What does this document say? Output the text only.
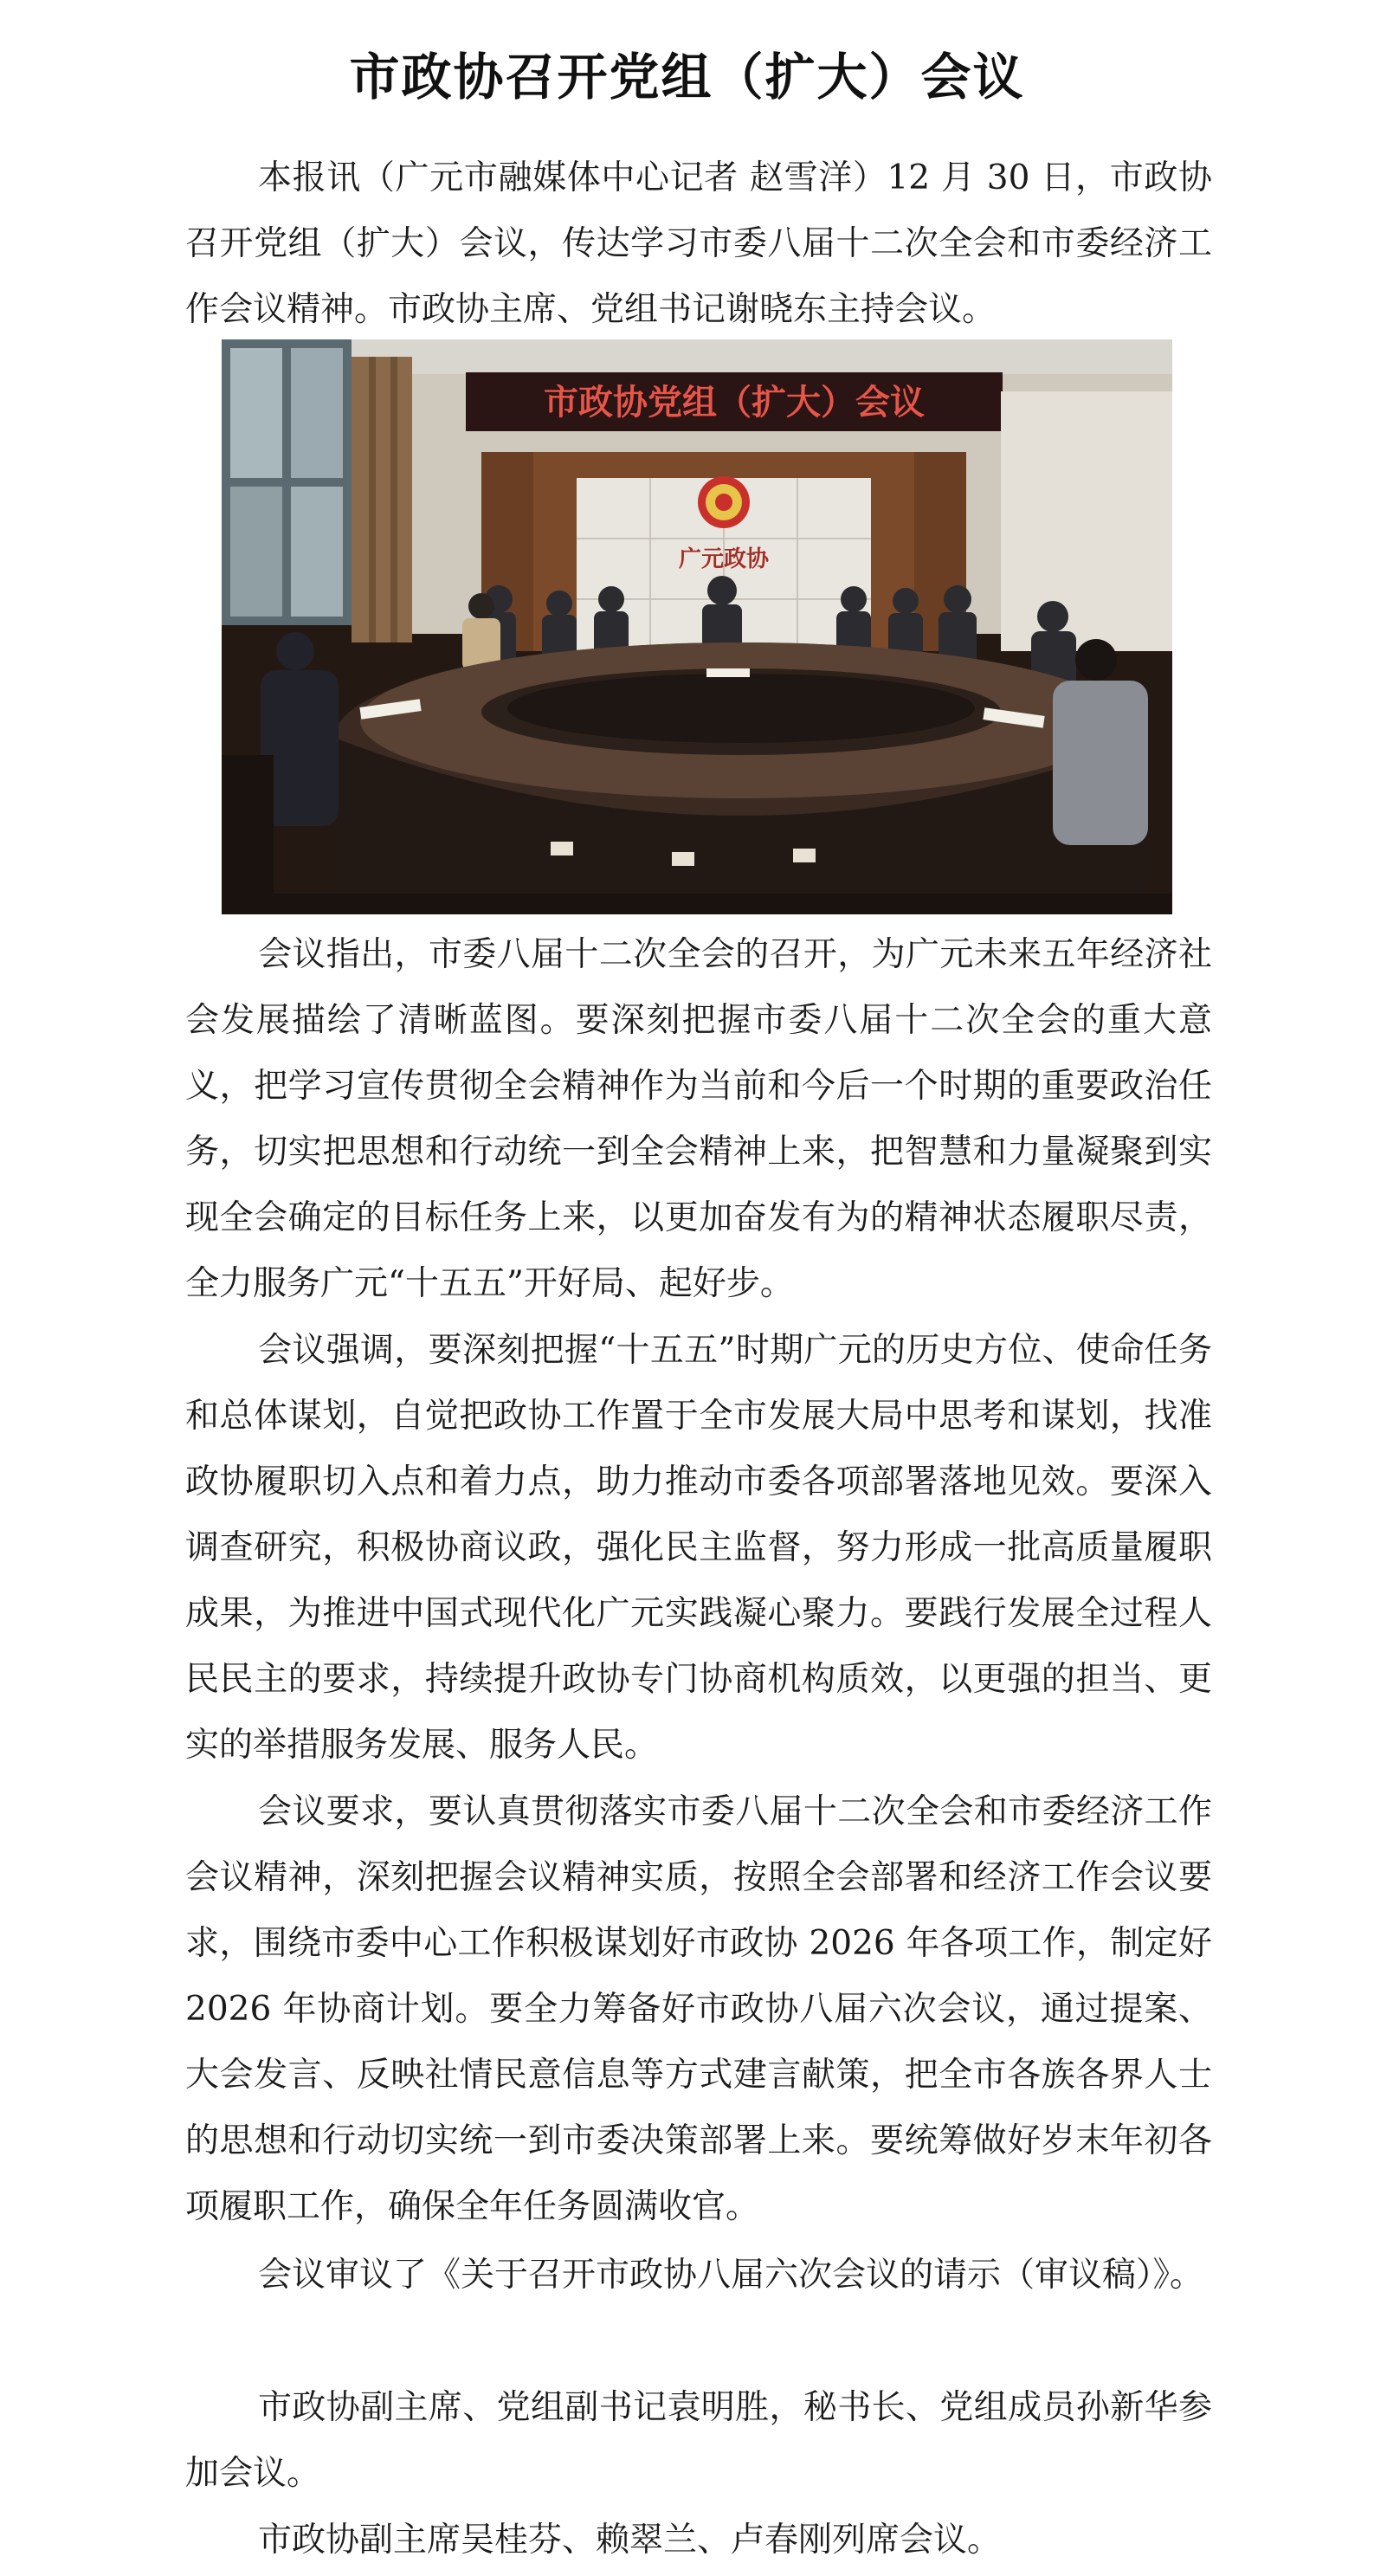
市政协召开党组（扩大）会议

本报讯（广元市融媒体中心记者 赵雪洋）12 月 30 日，市政协召开党组（扩大）会议，传达学习市委八届十二次全会和市委经济工作会议精神。市政协主席、党组书记谢晓东主持会议。

市政协党组（扩大）会议
广元政协

会议指出，市委八届十二次全会的召开，为广元未来五年经济社会发展描绘了清晰蓝图。要深刻把握市委八届十二次全会的重大意义，把学习宣传贯彻全会精神作为当前和今后一个时期的重要政治任务，切实把思想和行动统一到全会精神上来，把智慧和力量凝聚到实现全会确定的目标任务上来，以更加奋发有为的精神状态履职尽责，全力服务广元“十五五”开好局、起好步。

会议强调，要深刻把握“十五五”时期广元的历史方位、使命任务和总体谋划，自觉把政协工作置于全市发展大局中思考和谋划，找准政协履职切入点和着力点，助力推动市委各项部署落地见效。要深入调查研究，积极协商议政，强化民主监督，努力形成一批高质量履职成果，为推进中国式现代化广元实践凝心聚力。要践行发展全过程人民民主的要求，持续提升政协专门协商机构质效，以更强的担当、更实的举措服务发展、服务人民。

会议要求，要认真贯彻落实市委八届十二次全会和市委经济工作会议精神，深刻把握会议精神实质，按照全会部署和经济工作会议要求，围绕市委中心工作积极谋划好市政协 2026 年各项工作，制定好 2026 年协商计划。要全力筹备好市政协八届六次会议，通过提案、大会发言、反映社情民意信息等方式建言献策，把全市各族各界人士的思想和行动切实统一到市委决策部署上来。要统筹做好岁末年初各项履职工作，确保全年任务圆满收官。

会议审议了《关于召开市政协八届六次会议的请示（审议稿）》。

市政协副主席、党组副书记袁明胜，秘书长、党组成员孙新华参加会议。

市政协副主席吴桂芬、赖翠兰、卢春刚列席会议。
